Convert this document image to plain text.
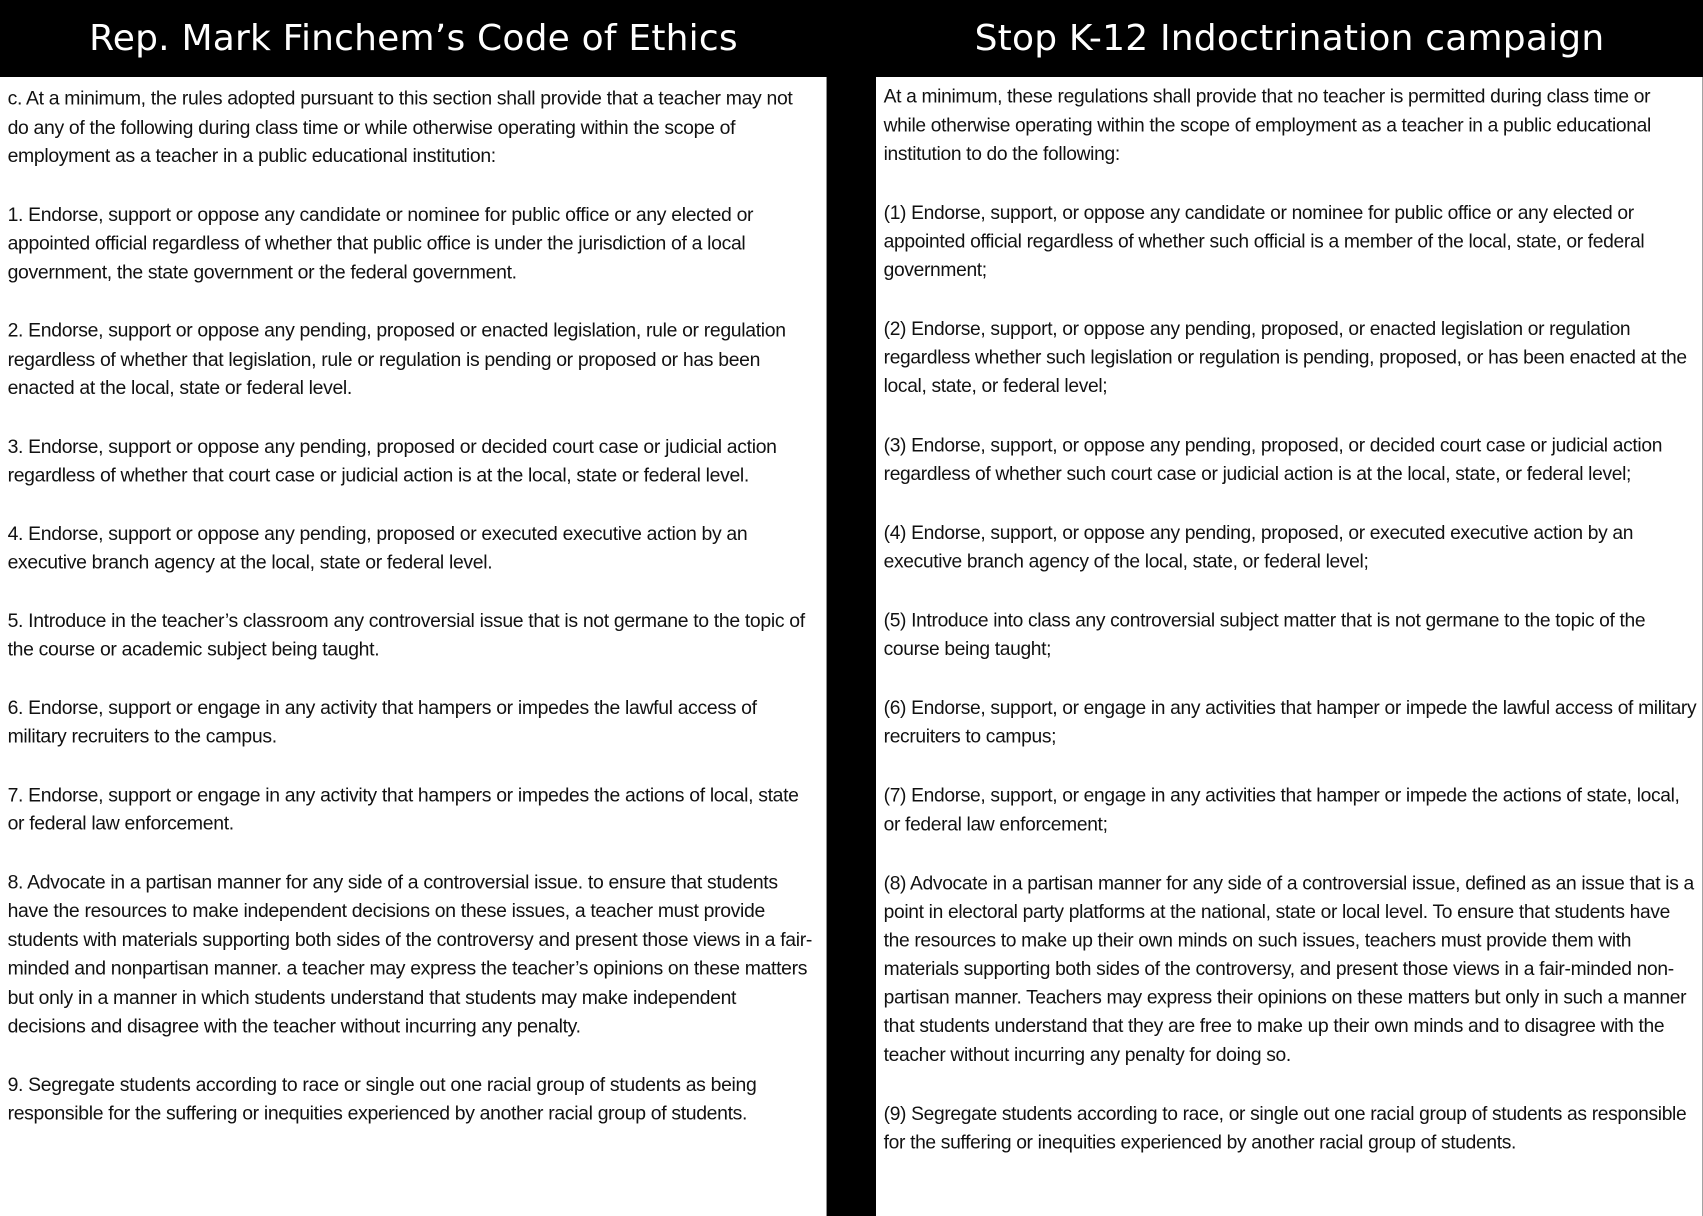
Rep. Mark Finchem’s Code of Ethics

c. At a minimum, the rules adopted pursuant to this section shall provide that a teacher may not do any of the following during class time or while otherwise operating within the scope of employment as a teacher in a public educational institution:

1. Endorse, support or oppose any candidate or nominee for public office or any elected or appointed official regardless of whether that public office is under the jurisdiction of a local government, the state government or the federal government.

2. Endorse, support or oppose any pending, proposed or enacted legislation, rule or regulation regardless of whether that legislation, rule or regulation is pending or proposed or has been enacted at the local, state or federal level.

3. Endorse, support or oppose any pending, proposed or decided court case or judicial action regardless of whether that court case or judicial action is at the local, state or federal level.

4. Endorse, support or oppose any pending, proposed or executed executive action by an executive branch agency at the local, state or federal level.

5. Introduce in the teacher’s classroom any controversial issue that is not germane to the topic of the course or academic subject being taught.

6. Endorse, support or engage in any activity that hampers or impedes the lawful access of military recruiters to the campus.

7. Endorse, support or engage in any activity that hampers or impedes the actions of local, state or federal law enforcement.

8. Advocate in a partisan manner for any side of a controversial issue. to ensure that students have the resources to make independent decisions on these issues, a teacher must provide students with materials supporting both sides of the controversy and present those views in a fair-minded and nonpartisan manner. a teacher may express the teacher’s opinions on these matters but only in a manner in which students understand that students may make independent decisions and disagree with the teacher without incurring any penalty.

9. Segregate students according to race or single out one racial group of students as being responsible for the suffering or inequities experienced by another racial group of students.

Stop K-12 Indoctrination campaign

At a minimum, these regulations shall provide that no teacher is permitted during class time or while otherwise operating within the scope of employment as a teacher in a public educational institution to do the following:

(1) Endorse, support, or oppose any candidate or nominee for public office or any elected or appointed official regardless of whether such official is a member of the local, state, or federal government;

(2) Endorse, support, or oppose any pending, proposed, or enacted legislation or regulation regardless whether such legislation or regulation is pending, proposed, or has been enacted at the local, state, or federal level;

(3) Endorse, support, or oppose any pending, proposed, or decided court case or judicial action regardless of whether such court case or judicial action is at the local, state, or federal level;

(4) Endorse, support, or oppose any pending, proposed, or executed executive action by an executive branch agency of the local, state, or federal level;

(5) Introduce into class any controversial subject matter that is not germane to the topic of the course being taught;

(6) Endorse, support, or engage in any activities that hamper or impede the lawful access of military recruiters to campus;

(7) Endorse, support, or engage in any activities that hamper or impede the actions of state, local, or federal law enforcement;

(8) Advocate in a partisan manner for any side of a controversial issue, defined as an issue that is a point in electoral party platforms at the national, state or local level. To ensure that students have the resources to make up their own minds on such issues, teachers must provide them with materials supporting both sides of the controversy, and present those views in a fair-minded non-partisan manner. Teachers may express their opinions on these matters but only in such a manner that students understand that they are free to make up their own minds and to disagree with the teacher without incurring any penalty for doing so.

(9) Segregate students according to race, or single out one racial group of students as responsible for the suffering or inequities experienced by another racial group of students.
